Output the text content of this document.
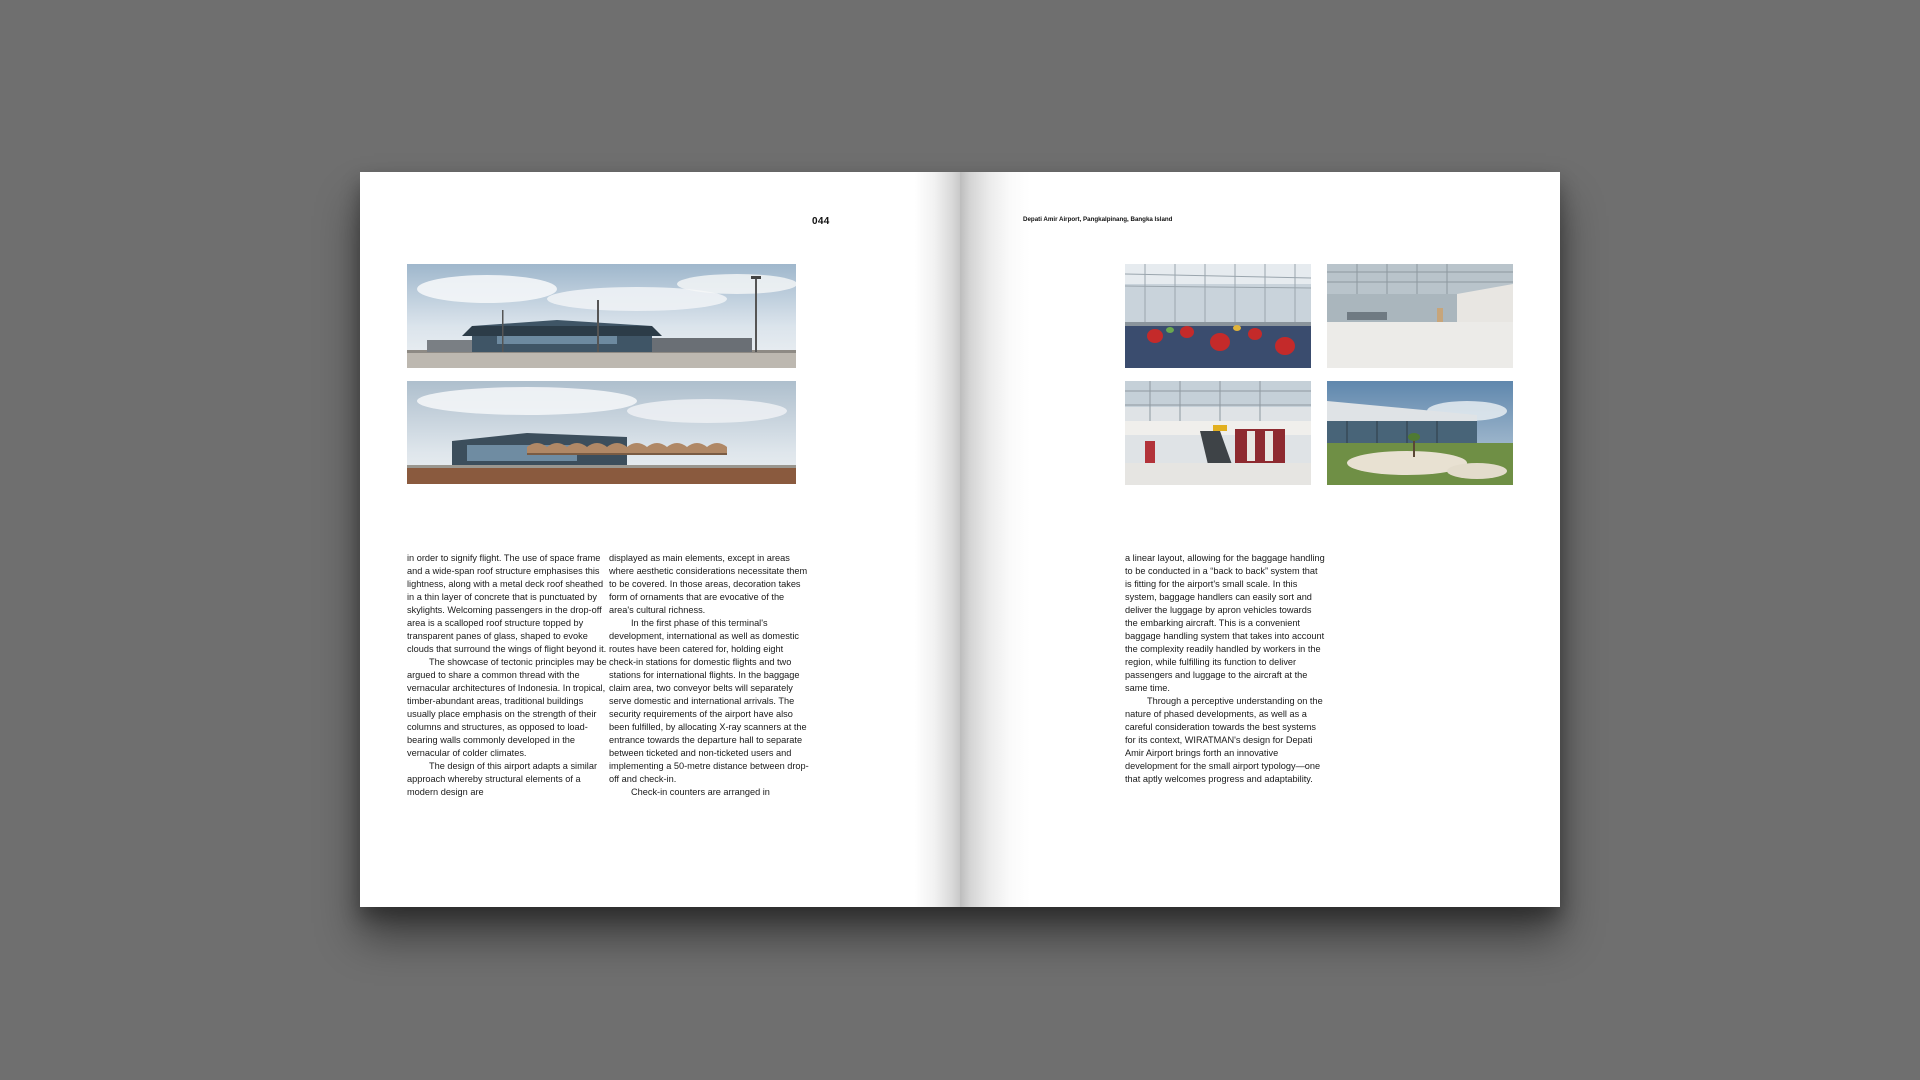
044

in order to signify flight. The use of space frame and a wide-span roof structure emphasises this lightness, along with a metal deck roof sheathed in a thin layer of concrete that is punctuated by skylights. Welcoming passengers in the drop-off area is a scalloped roof structure topped by transparent panes of glass, shaped to evoke clouds that surround the wings of flight beyond it.

The showcase of tectonic principles may be argued to share a common thread with the vernacular architectures of Indonesia. In tropical, timber-abundant areas, traditional buildings usually place emphasis on the strength of their columns and structures, as opposed to load-bearing walls commonly developed in the vernacular of colder climates.

The design of this airport adapts a similar approach whereby structural elements of a modern design are

displayed as main elements, except in areas where aesthetic considerations necessitate them to be covered. In those areas, decoration takes form of ornaments that are evocative of the area's cultural richness.

In the first phase of this terminal's development, international as well as domestic routes have been catered for, holding eight check-in stations for domestic flights and two stations for international flights. In the baggage claim area, two conveyor belts will separately serve domestic and international arrivals. The security requirements of the airport have also been fulfilled, by allocating X-ray scanners at the entrance towards the departure hall to separate between ticketed and non-ticketed users and implementing a 50-metre distance between drop-off and check-in.

Check-in counters are arranged in

Depati Amir Airport, Pangkalpinang, Bangka Island

a linear layout, allowing for the baggage handling to be conducted in a “back to back” system that is fitting for the airport's small scale. In this system, baggage handlers can easily sort and deliver the luggage by apron vehicles towards the embarking aircraft. This is a convenient baggage handling system that takes into account the complexity readily handled by workers in the region, while fulfilling its function to deliver passengers and luggage to the aircraft at the same time.

Through a perceptive understanding on the nature of phased developments, as well as a careful consideration towards the best systems for its context, WIRATMAN's design for Depati Amir Airport brings forth an innovative development for the small airport typology—one that aptly welcomes progress and adaptability.
